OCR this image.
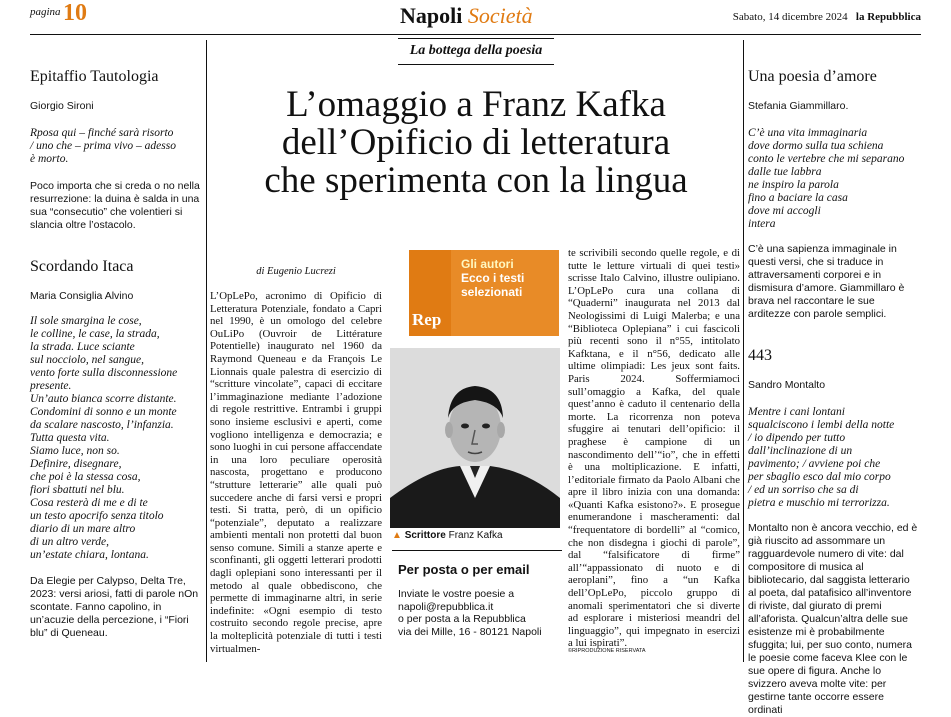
pagina 10	Napoli Società	Sabato, 14 dicembre 2024 la Repubblica
Epitaffio Tautologia
Giorgio Sironi
Rposa qui – finché sarà risorto
/ uno che – prima vivo – adesso
è morto.
Poco importa che si creda o no nella resurrezione: la duina è salda in una sua “consecutio” che volentieri si slancia oltre l’ostacolo.
Scordando Itaca
Maria Consiglia Alvino
Il sole smargina le cose,
le colline, le case, la strada,
la strada. Luce sciante
sul nocciolo, nel sangue,
vento forte sulla disconnessione
presente.
Un’auto bianca scorre distante.
Condomini di sonno e un monte
da scalare nascosto, l’infanzia.
Tutta questa vita.
Siamo luce, non so.
Definire, disegnare,
che poi è la stessa cosa,
fiori sbattuti nel blu.
Cosa resterà di me e di te
un testo apocrifo senza titolo
diario di un mare altro
di un altro verde,
un’estate chiara, lontana.
Da Elegie per Calypso, Delta Tre, 2023: versi ariosi, fatti di parole nOn scontate. Fanno capolino, in un’acuzie della percezione, i “Fiori blu” di Queneau.
La bottega della poesia
L’omaggio a Franz Kafka
dell’Opificio di letteratura
che sperimenta con la lingua
di Eugenio Lucrezi
L’OpLePo, acronimo di Opificio di Letteratura Potenziale, fondato a Capri nel 1990, è un omologo del celebre OuLiPo (Ouvroir de Littérature Potentielle) inaugurato nel 1960 da Raymond Queneau e da François Le Lionnais quale palestra di esercizio di “scritture vincolate”, capaci di eccitare l’immaginazione mediante l’adozione di regole restrittive. Entrambi i gruppi sono insieme esclusivi e aperti, come vogliono intelligenza e democrazia; e sono luoghi in cui persone affaccendate in una loro peculiare operosità nascosta, progettano e producono “strutture letterarie” alle quali può succedere anche di farsi versi e propri testi. Si tratta, però, di un opificio “potenziale”, deputato a realizzare ambienti mentali non protetti dal buon senso comune. Simili a stanze aperte e sconfinanti, gli oggetti letterari prodotti dagli oplepiani sono interessanti per il metodo al quale obbediscono, che permette di immaginarne altri, in serie indefinite: «Ogni esempio di testo costruito secondo regole precise, apre la molteplicità potenziale di tutti i testi virtualmen-
Rep
Gli autori
Ecco i testi
selezionati
▲ Scrittore Franz Kafka
Per posta o per email
Inviate le vostre poesie a
napoli@repubblica.it
o per posta a la Repubblica
via dei Mille, 16 - 80121 Napoli
te scrivibili secondo quelle regole, e di tutte le letture virtuali di quei testi» scrisse Italo Calvino, illustre oulipiano. L’OpLePo cura una collana di “Quaderni” inaugurata nel 2013 dal Neologissimi di Luigi Malerba; e una “Biblioteca Oplepiana” i cui fascicoli più recenti sono il n°55, intitolato Kafktana, e il n°56, dedicato alle ultime olimpiadi: Les jeux sont faits. Paris 2024. Soffermiamoci sull’omaggio a Kafka, del quale quest’anno è caduto il centenario della morte. La ricorrenza non poteva sfuggire ai tenutari dell’opificio: il praghese è campione di un nascondimento dell’“io”, che in effetti è una moltiplicazione. E infatti, l’editoriale firmato da Paolo Albani che apre il libro inizia con una domanda: «Quanti Kafka esistono?». E prosegue enumerandone i mascheramenti: dal “frequentatore di bordelli” al “comico, che non disdegna i giochi di parole”, dal “falsificatore di firme” all’“appassionato di nuoto e di aeroplani”, fino a “un Kafka dell’OpLePo, piccolo gruppo di anomali sperimentatori che si diverte ad esplorare i misteriosi meandri del linguaggio”, qui impegnato in esercizi a lui ispirati”.
©RIPRODUZIONE RISERVATA
Una poesia d’amore
Stefania Giammillaro.
C’è una vita immaginaria
dove dormo sulla tua schiena
conto le vertebre che mi separano
dalle tue labbra
ne inspiro la parola
fino a baciare la casa
dove mi accogli
intera
C’è una sapienza immaginale in questi versi, che si traduce in attraversamenti corporei e in dismisura d’amore. Giammillaro è brava nel raccontare le sue arditezze con parole semplici.
443
Sandro Montalto
Mentre i cani lontani
squalciscono i lembi della notte
/ io dipendo per tutto
dall’inclinazione di un
pavimento; / avviene poi che
per sbaglio esco dal mio corpo
/ ed un sorriso che sa di
pietra e muschio mi terrorizza.
Montalto non è ancora vecchio, ed è già riuscito ad assommare un ragguardevole numero di vite: dal compositore di musica al bibliotecario, dal saggista letterario al poeta, dal patafisico all’inventore di riviste, dal giurato di premi all’aforista. Qualcun’altra delle sue esistenze mi è probabilmente sfuggita; lui, per suo conto, numera le poesie come faceva Klee con le sue opere di figura. Anche lo svizzero aveva molte vite: per gestirne tante occorre essere ordinati
